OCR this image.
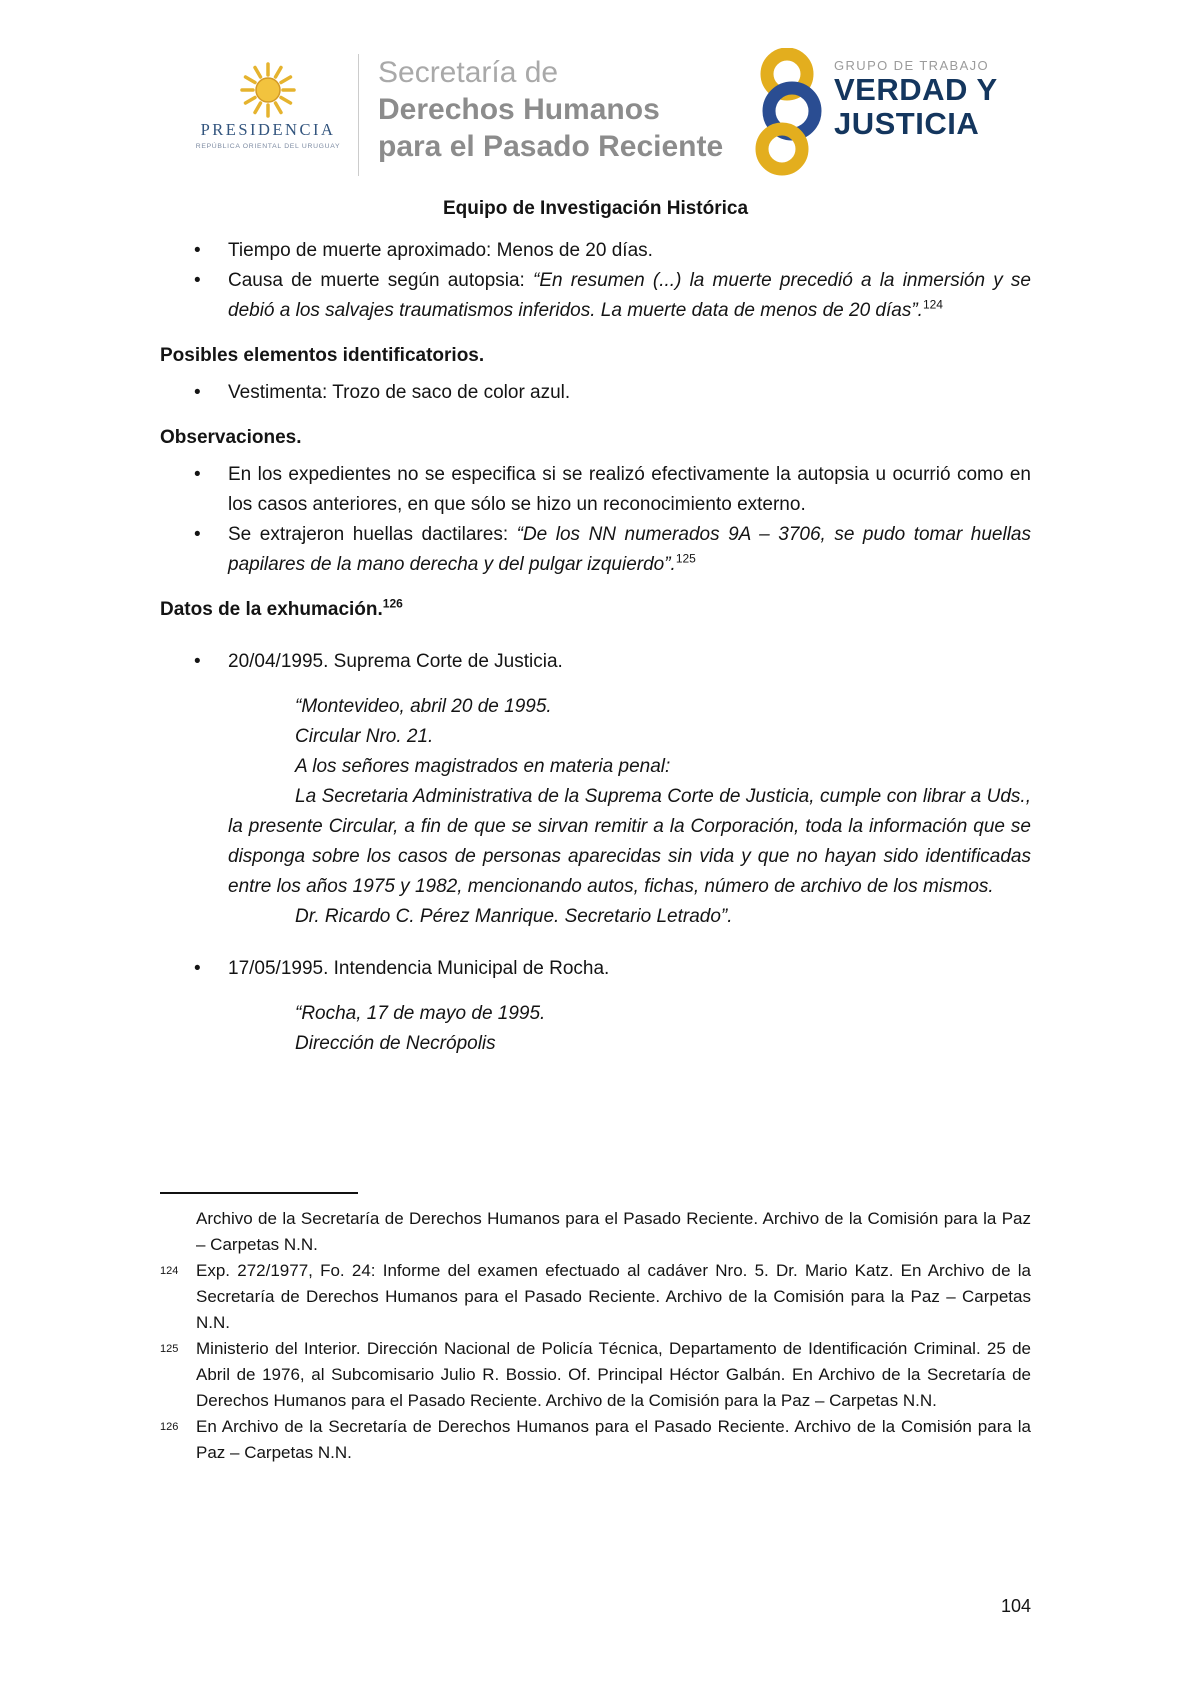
PRESIDENCIA
REPÚBLICA ORIENTAL DEL URUGUAY
Secretaría de
Derechos Humanos
para el Pasado Reciente
GRUPO DE TRABAJO
VERDAD Y
JUSTICIA
Equipo de Investigación Histórica
• Tiempo de muerte aproximado: Menos de 20 días.
• Causa de muerte según autopsia: “En resumen (...) la muerte precedió a la inmersión y se debió a los salvajes traumatismos inferidos. La muerte data de menos de 20 días”.$^{124}$
Posibles elementos identificatorios.
• Vestimenta: Trozo de saco de color azul.
Observaciones.
• En los expedientes no se especifica si se realizó efectivamente la autopsia u ocurrió como en los casos anteriores, en que sólo se hizo un reconocimiento externo.
• Se extrajeron huellas dactilares: “De los NN numerados 9A – 3706, se pudo tomar huellas papilares de la mano derecha y del pulgar izquierdo”.$^{125}$
Datos de la exhumación.$^{126}$
• 20/04/1995. Suprema Corte de Justicia.

“Montevideo, abril 20 de 1995.

Circular Nro. 21.

A los señores magistrados en materia penal:

La Secretaria Administrativa de la Suprema Corte de Justicia, cumple con librar a Uds., la presente Circular, a fin de que se sirvan remitir a la Corporación, toda la información que se disponga sobre los casos de personas aparecidas sin vida y que no hayan sido identificadas entre los años 1975 y 1982, mencionando autos, fichas, número de archivo de los mismos.

Dr. Ricardo C. Pérez Manrique. Secretario Letrado”.

• 17/05/1995. Intendencia Municipal de Rocha.

“Rocha, 17 de mayo de 1995.

Dirección de Necrópolis

Archivo de la Secretaría de Derechos Humanos para el Pasado Reciente. Archivo de la Comisión para la Paz – Carpetas N.N.
124 Exp. 272/1977, Fo. 24: Informe del examen efectuado al cadáver Nro. 5. Dr. Mario Katz. En Archivo de la Secretaría de Derechos Humanos para el Pasado Reciente. Archivo de la Comisión para la Paz – Carpetas N.N.
125 Ministerio del Interior. Dirección Nacional de Policía Técnica, Departamento de Identificación Criminal. 25 de Abril de 1976, al Subcomisario Julio R. Bossio. Of. Principal Héctor Galbán. En Archivo de la Secretaría de Derechos Humanos para el Pasado Reciente. Archivo de la Comisión para la Paz – Carpetas N.N.
126 En Archivo de la Secretaría de Derechos Humanos para el Pasado Reciente. Archivo de la Comisión para la Paz – Carpetas N.N.
104
